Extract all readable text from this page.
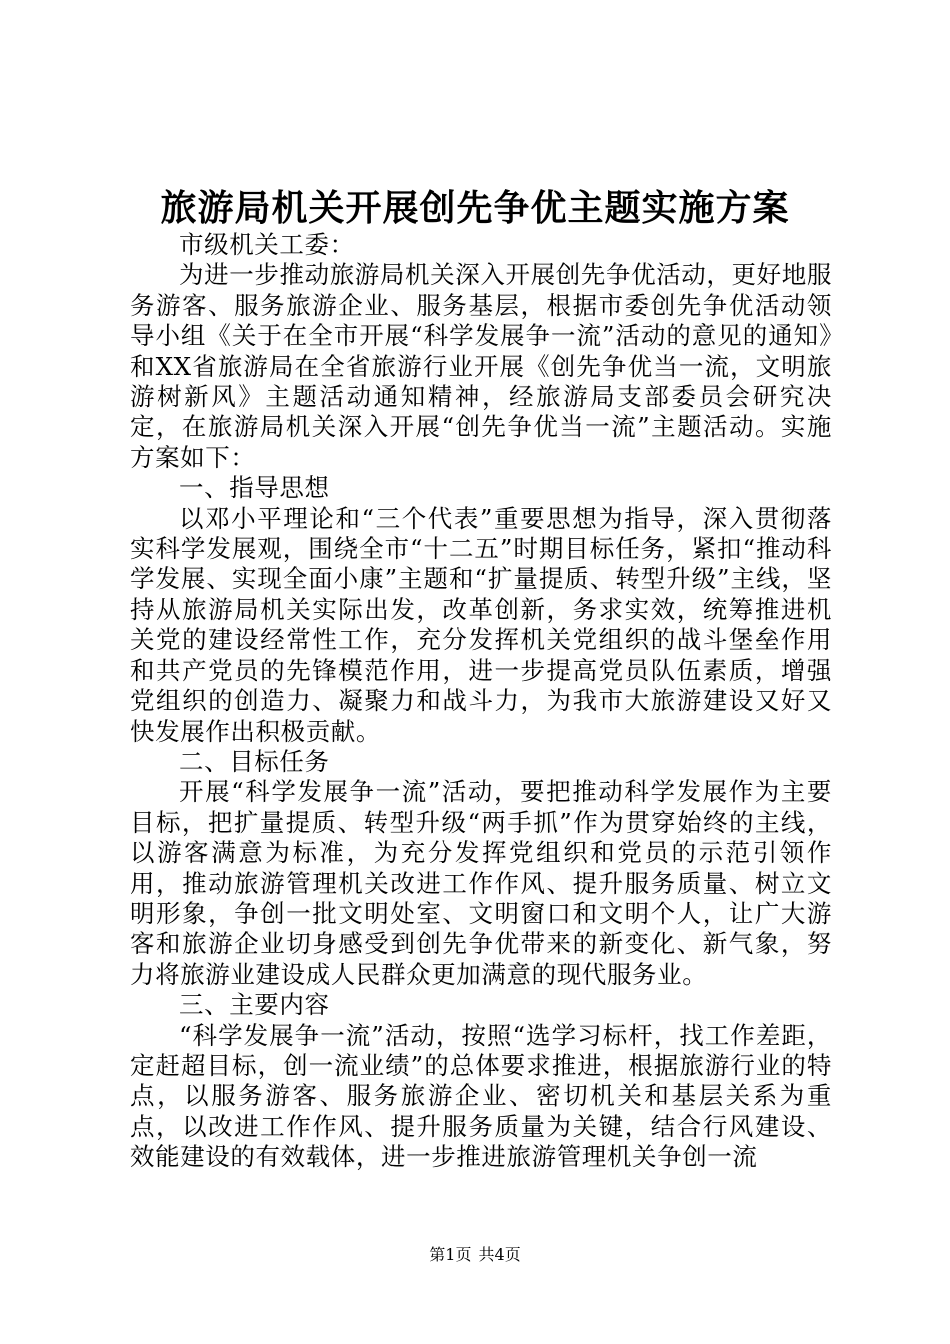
旅游局机关开展创先争优主题实施方案

市级机关工委：

为进一步推动旅游局机关深入开展创先争优活动，更好地服务游客、服务旅游企业、服务基层，根据市委创先争优活动领导小组《关于在全市开展“科学发展争一流”活动的意见的通知》和XX省旅游局在全省旅游行业开展《创先争优当一流，文明旅游树新风》主题活动通知精神，经旅游局支部委员会研究决定，在旅游局机关深入开展“创先争优当一流”主题活动。实施方案如下：

一、指导思想

以邓小平理论和“三个代表”重要思想为指导，深入贯彻落实科学发展观，围绕全市“十二五”时期目标任务，紧扣“推动科学发展、实现全面小康”主题和“扩量提质、转型升级”主线，坚持从旅游局机关实际出发，改革创新，务求实效，统筹推进机关党的建设经常性工作，充分发挥机关党组织的战斗堡垒作用和共产党员的先锋模范作用，进一步提高党员队伍素质，增强党组织的创造力、凝聚力和战斗力，为我市大旅游建设又好又快发展作出积极贡献。

二、目标任务

开展“科学发展争一流”活动，要把推动科学发展作为主要目标，把扩量提质、转型升级“两手抓”作为贯穿始终的主线，以游客满意为标准，为充分发挥党组织和党员的示范引领作用，推动旅游管理机关改进工作作风、提升服务质量、树立文明形象，争创一批文明处室、文明窗口和文明个人，让广大游客和旅游企业切身感受到创先争优带来的新变化、新气象，努力将旅游业建设成人民群众更加满意的现代服务业。

三、主要内容

“科学发展争一流”活动，按照“选学习标杆，找工作差距，定赶超目标，创一流业绩”的总体要求推进，根据旅游行业的特点，以服务游客、服务旅游企业、密切机关和基层关系为重点，以改进工作作风、提升服务质量为关键，结合行风建设、效能建设的有效载体，进一步推进旅游管理机关争创一流

第1页 共4页
